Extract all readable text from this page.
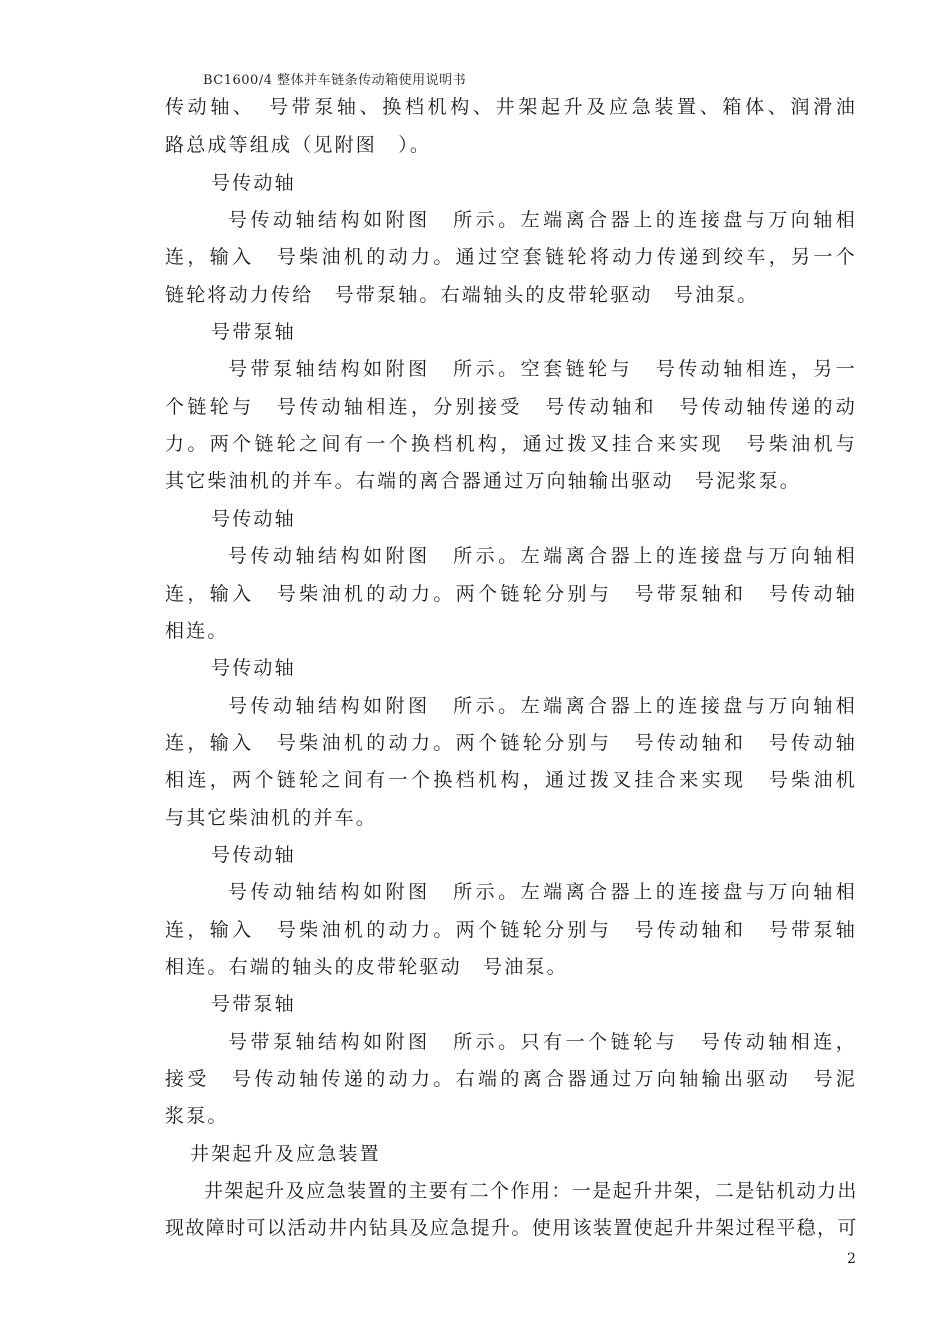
BC1600/4 整体并车链条传动箱使用说明书
传动轴、　号带泵轴、换档机构、井架起升及应急装置、箱体、润滑油
路总成等组成（见附图　）。
号传动轴
号传动轴结构如附图　所示。左端离合器上的连接盘与万向轴相
连，输入　号柴油机的动力。通过空套链轮将动力传递到绞车，另一个
链轮将动力传给　号带泵轴。右端轴头的皮带轮驱动　号油泵。
号带泵轴
号带泵轴结构如附图　所示。空套链轮与　号传动轴相连，另一
个链轮与　号传动轴相连，分别接受　号传动轴和　号传动轴传递的动
力。两个链轮之间有一个换档机构，通过拨叉挂合来实现　号柴油机与
其它柴油机的并车。右端的离合器通过万向轴输出驱动　号泥浆泵。
号传动轴
号传动轴结构如附图　所示。左端离合器上的连接盘与万向轴相
连，输入　号柴油机的动力。两个链轮分别与　号带泵轴和　号传动轴
相连。
号传动轴
号传动轴结构如附图　所示。左端离合器上的连接盘与万向轴相
连，输入　号柴油机的动力。两个链轮分别与　号传动轴和　号传动轴
相连，两个链轮之间有一个换档机构，通过拨叉挂合来实现　号柴油机
与其它柴油机的并车。
号传动轴
号传动轴结构如附图　所示。左端离合器上的连接盘与万向轴相
连，输入　号柴油机的动力。两个链轮分别与　号传动轴和　号带泵轴
相连。右端的轴头的皮带轮驱动　号油泵。
号带泵轴
号带泵轴结构如附图　所示。只有一个链轮与　号传动轴相连，
接受　号传动轴传递的动力。右端的离合器通过万向轴输出驱动　号泥
浆泵。
井架起升及应急装置
井架起升及应急装置的主要有二个作用：一是起升井架，二是钻机动力出
现故障时可以活动井内钻具及应急提升。使用该装置使起升井架过程平稳，可
2
